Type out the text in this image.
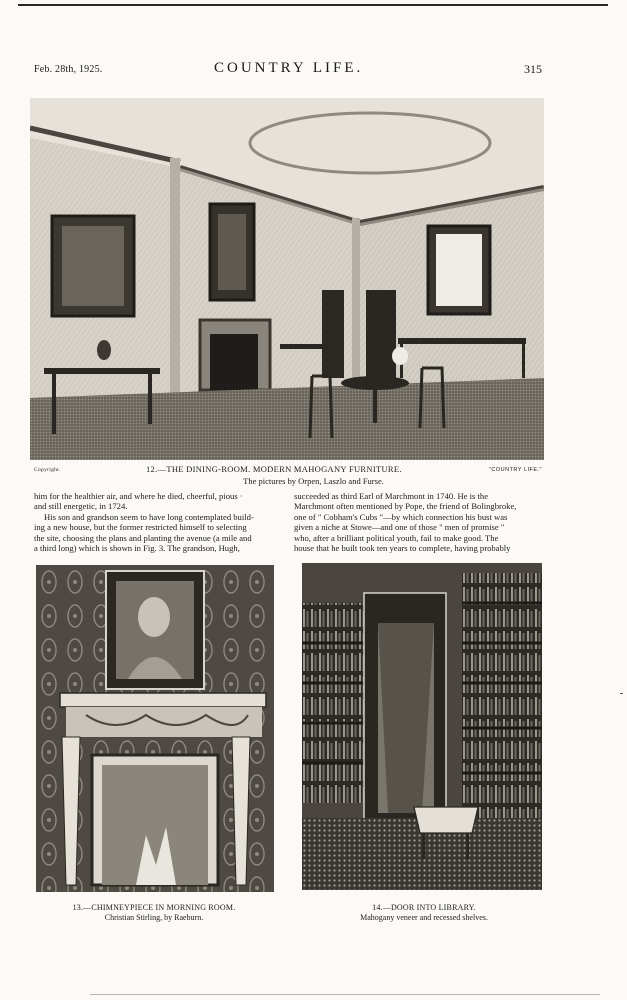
Feb. 28th, 1925.	COUNTRY LIFE.	315
Copyright.	12.—THE DINING-ROOM. MODERN MAHOGANY FURNITURE.	"COUNTRY LIFE."
The pictures by Orpen, Laszlo and Furse.

him for the healthier air, and where he died, cheerful, pious ·

and still energetic, in 1724.

His son and grandson seem to have long contemplated build-

ing a new house, but the former restricted himself to selecting

the site, choosing the plans and planting the avenue (a mile and

a third long) which is shown in Fig. 3. The grandson, Hugh,

succeeded as third Earl of Marchmont in 1740. He is the

Marchmont often mentioned by Pope, the friend of Bolingbroke,

one of " Cobham's Cubs "—by which connection his bust was

given a niche at Stowe—and one of those " men of promise "

who, after a brilliant political youth, fail to make good. The

house that he built took ten years to complete, having probably

13.—CHIMNEYPIECE IN MORNING ROOM.
Christian Stirling, by Raeburn.
14.—DOOR INTO LIBRARY.
Mahogany veneer and recessed shelves.
